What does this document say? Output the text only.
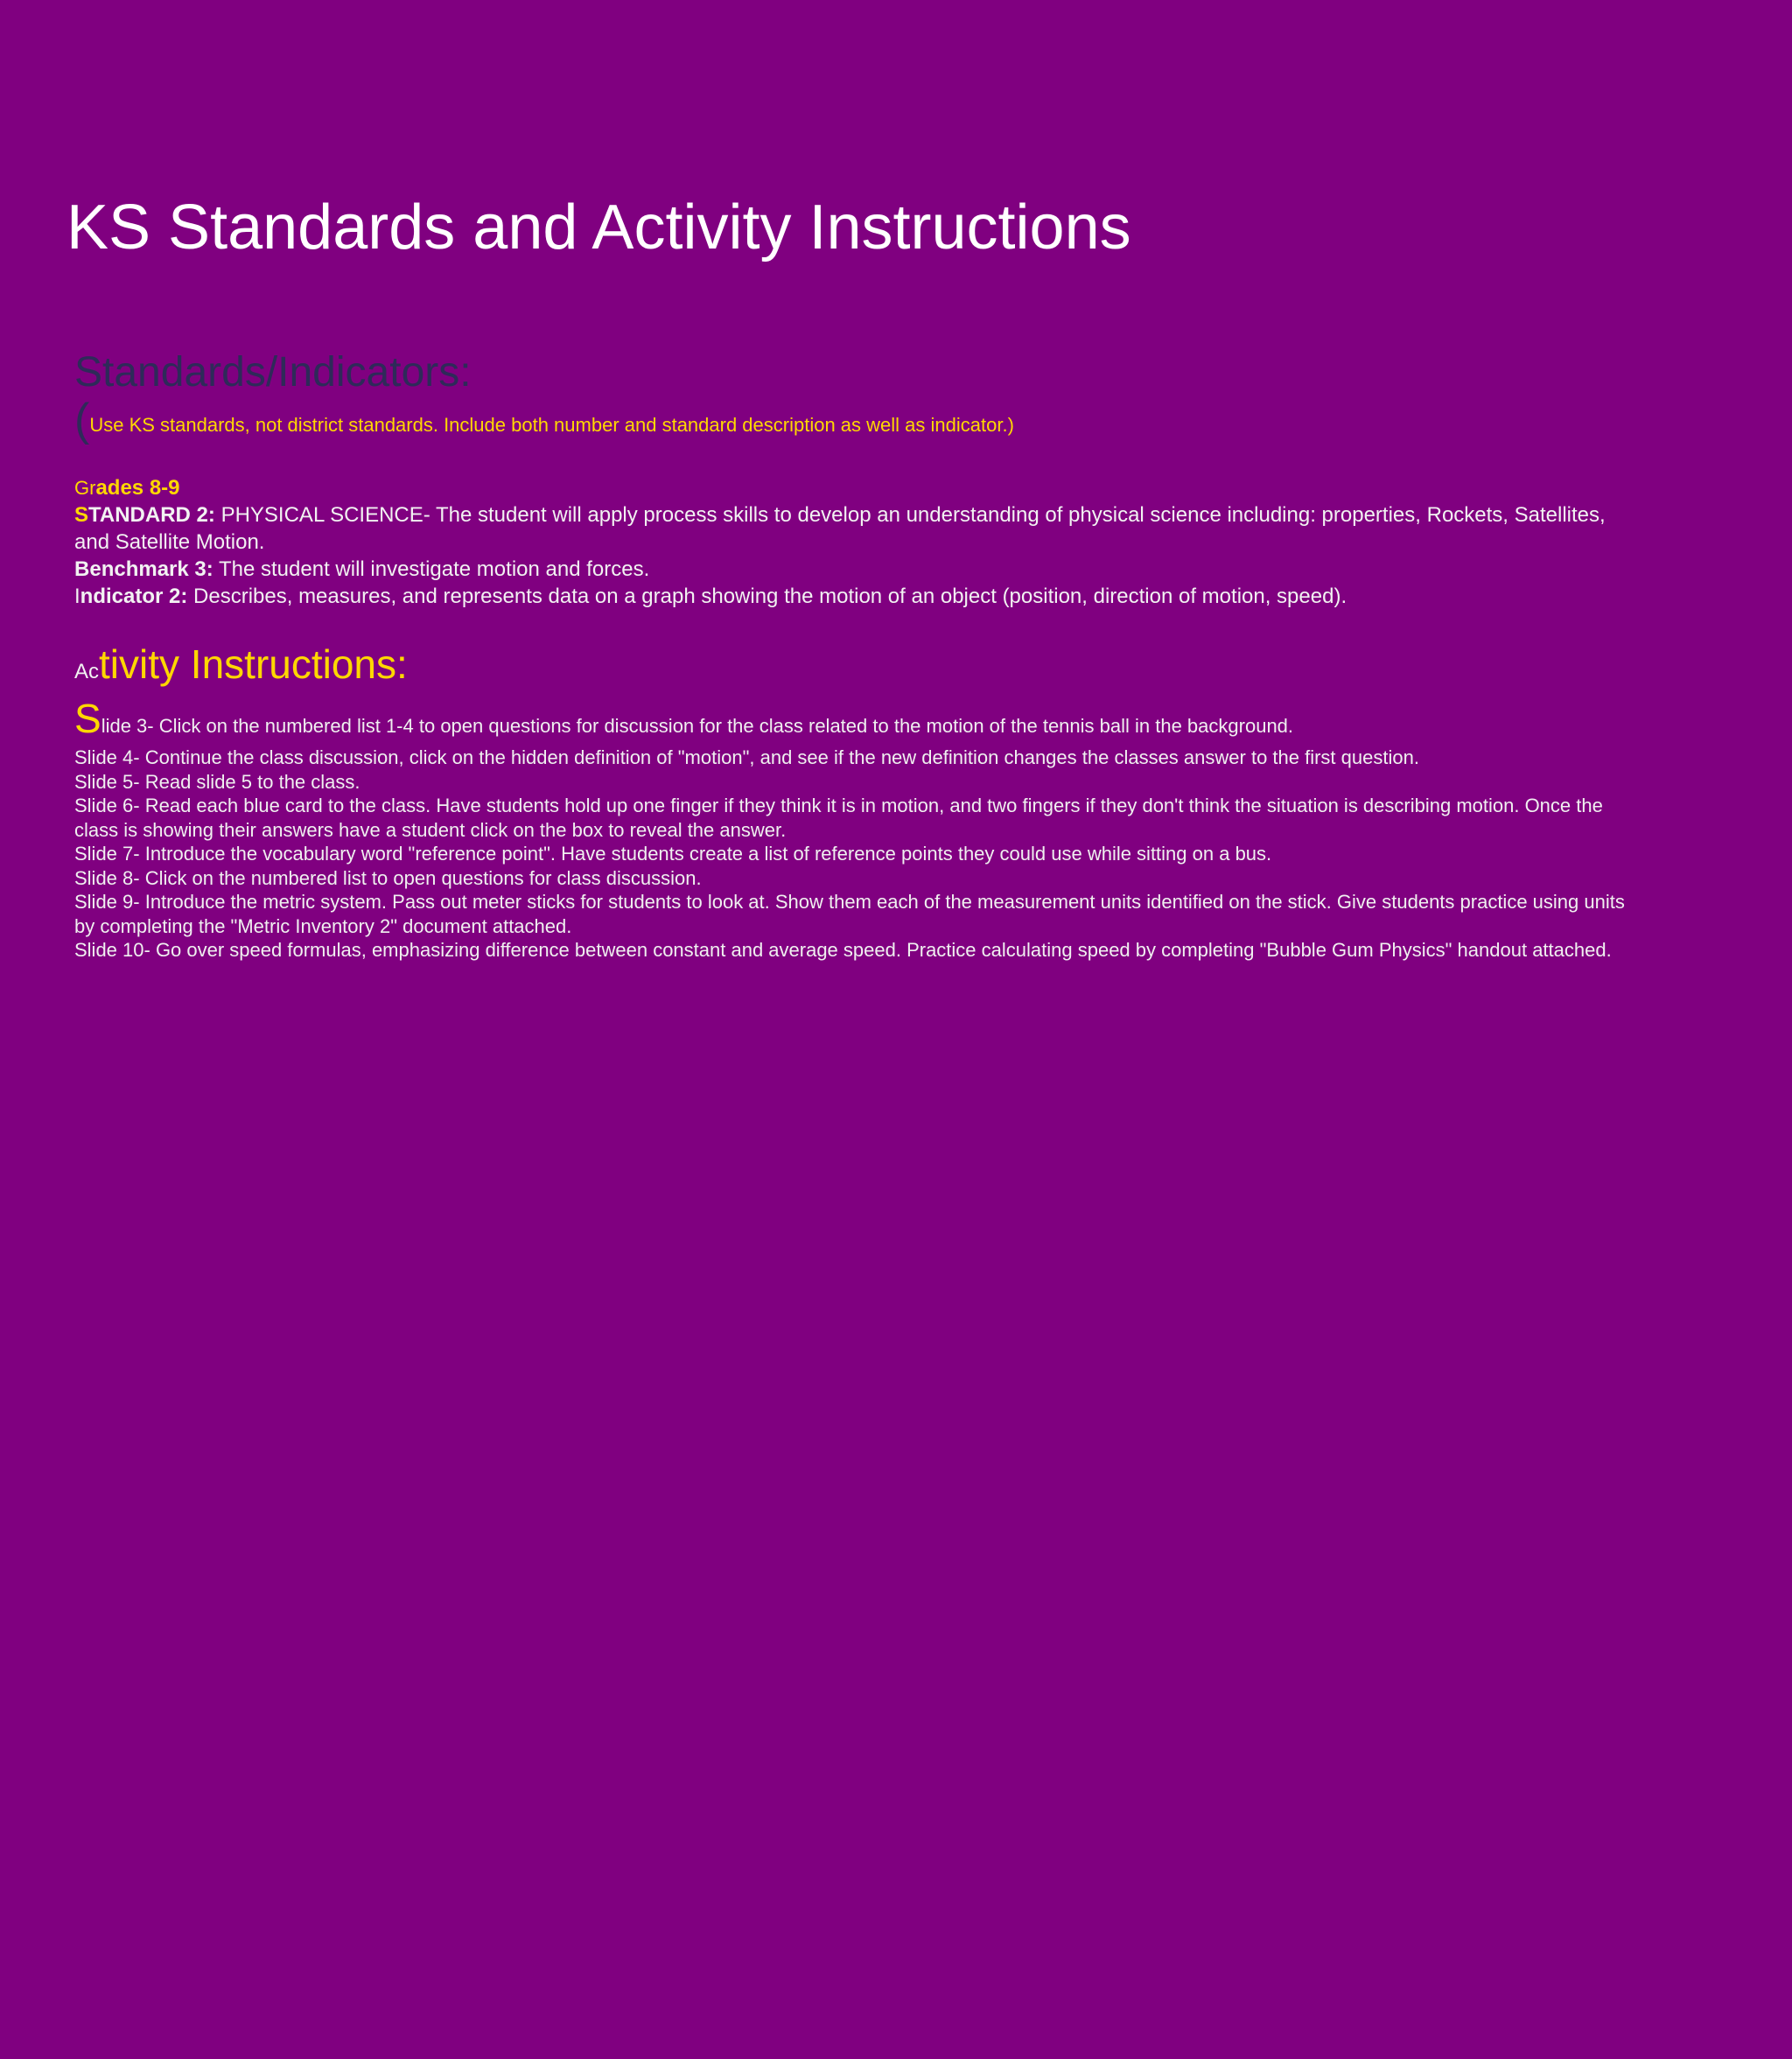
KS Standards and Activity Instructions
Standards/Indicators:
(Use KS standards, not district standards. Include both number and standard description as well as indicator.)
Grades 8-9

STANDARD 2: PHYSICAL SCIENCE- The student will apply process skills to develop an understanding of physical science including: properties, Rockets, Satellites, and Satellite Motion.

Benchmark 3: The student will investigate motion and forces.

Indicator 2: Describes, measures, and represents data on a graph showing the motion of an object (position, direction of motion, speed).

Activity Instructions:

Slide 3- Click on the numbered list 1-4 to open questions for discussion for the class related to the motion of the tennis ball in the background.

Slide 4- Continue the class discussion, click on the hidden definition of "motion", and see if the new definition changes the classes answer to the first question.

Slide 5- Read slide 5 to the class.

Slide 6- Read each blue card to the class. Have students hold up one finger if they think it is in motion, and two fingers if they don't think the situation is describing motion. Once the class is showing their answers have a student click on the box to reveal the answer.

Slide 7- Introduce the vocabulary word "reference point". Have students create a list of reference points they could use while sitting on a bus.

Slide 8- Click on the numbered list to open questions for class discussion.

Slide 9- Introduce the metric system. Pass out meter sticks for students to look at. Show them each of the measurement units identified on the stick. Give students practice using units by completing the "Metric Inventory 2" document attached.

Slide 10- Go over speed formulas, emphasizing difference between constant and average speed. Practice calculating speed by completing "Bubble Gum Physics" handout attached.
